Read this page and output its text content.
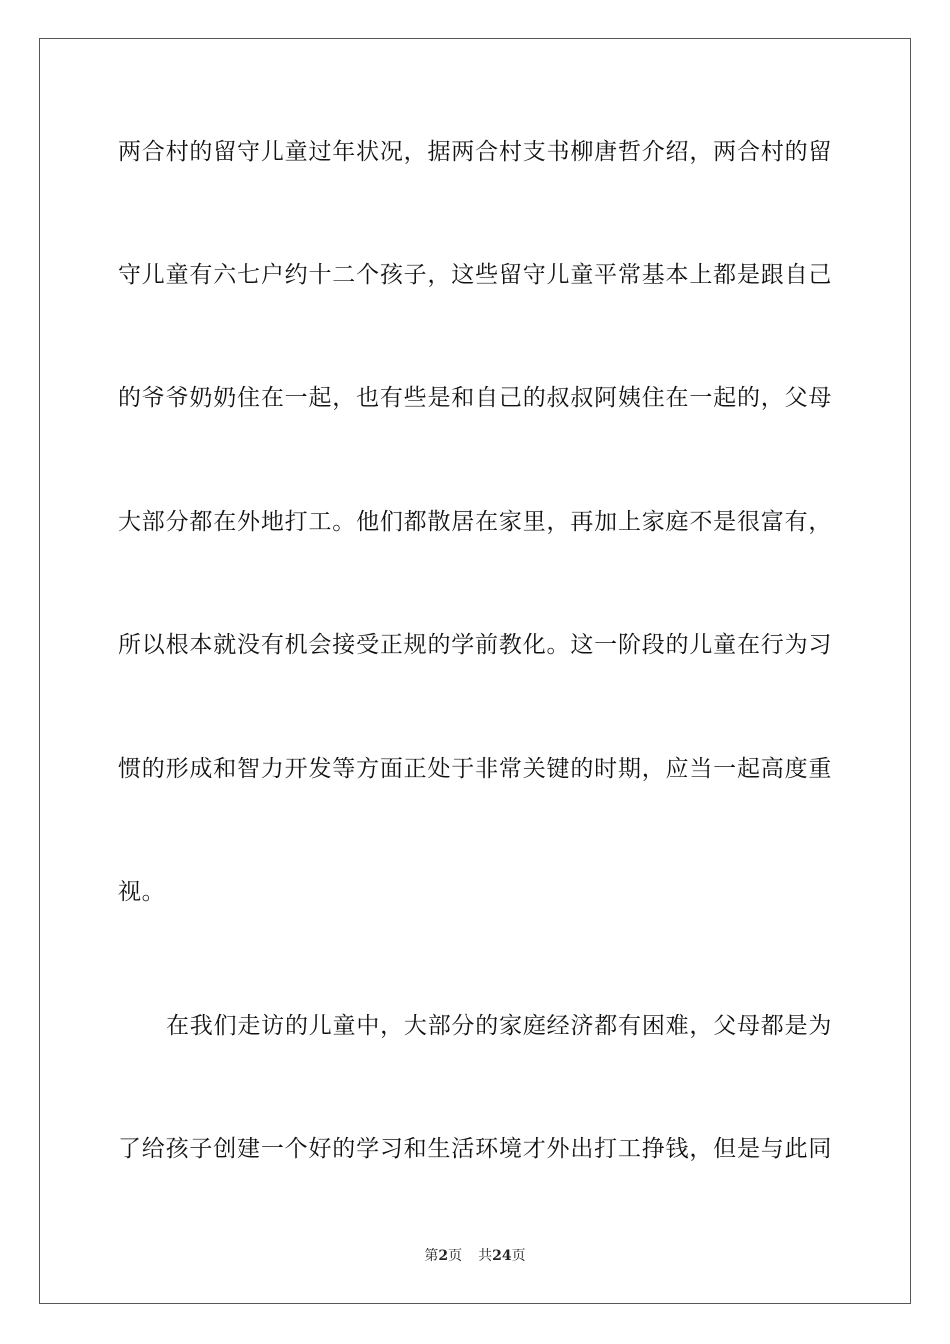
两合村的留守儿童过年状况，据两合村支书柳唐哲介绍，两合村的留
守儿童有六七户约十二个孩子，这些留守儿童平常基本上都是跟自己
的爷爷奶奶住在一起，也有些是和自己的叔叔阿姨住在一起的，父母
大部分都在外地打工。他们都散居在家里，再加上家庭不是很富有，
所以根本就没有机会接受正规的学前教化。这一阶段的儿童在行为习
惯的形成和智力开发等方面正处于非常关键的时期，应当一起高度重
视。
在我们走访的儿童中，大部分的家庭经济都有困难，父母都是为
了给孩子创建一个好的学习和生活环境才外出打工挣钱，但是与此同
第2页 共24页
